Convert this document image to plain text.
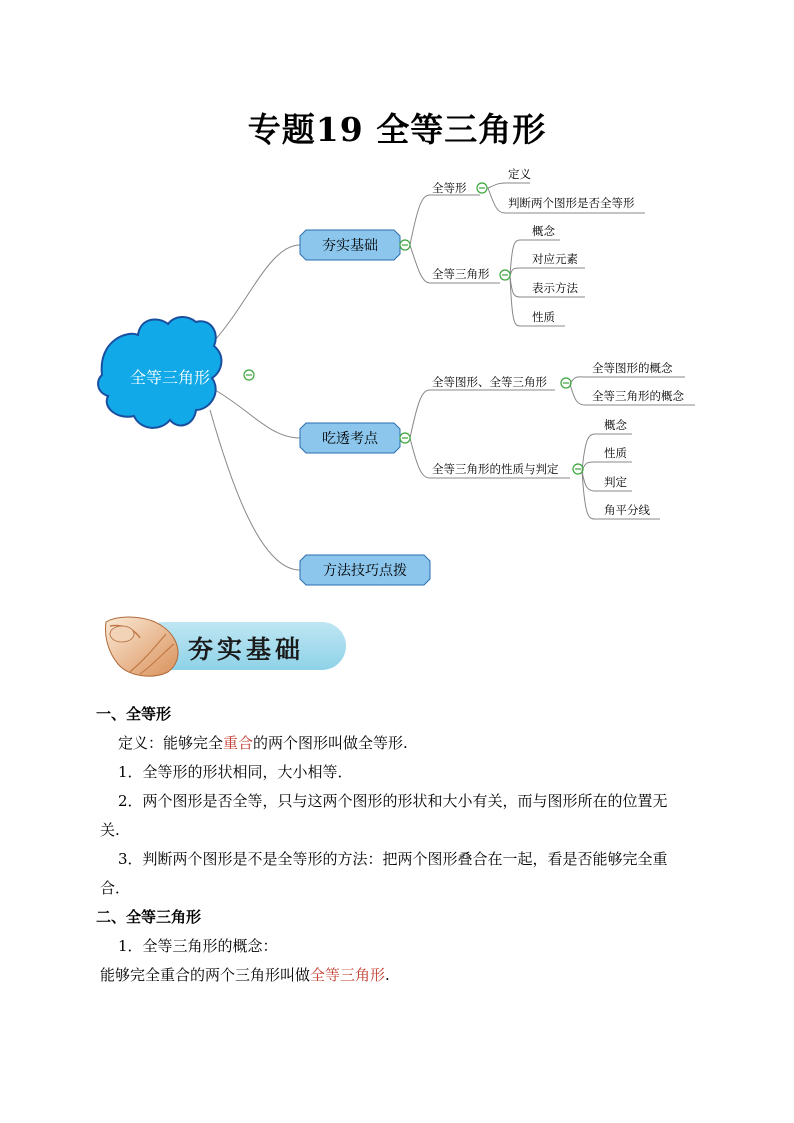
专题19 全等三角形
全等三角形
夯实基础
吃透考点
方法技巧点拨
全等形
定义
判断两个图形是否全等形
全等三角形
概念
对应元素
表示方法
性质
全等图形、全等三角形
全等图形的概念
全等三角形的概念
全等三角形的性质与判定
概念
性质
判定
角平分线
夯实基础

一、全等形

定义：能够完全重合的两个图形叫做全等形.

1．全等形的形状相同，大小相等．

2．两个图形是否全等，只与这两个图形的形状和大小有关，而与图形所在的位置无

关.

3．判断两个图形是不是全等形的方法：把两个图形叠合在一起，看是否能够完全重

合．

二、全等三角形

1．全等三角形的概念：

能够完全重合的两个三角形叫做全等三角形.
